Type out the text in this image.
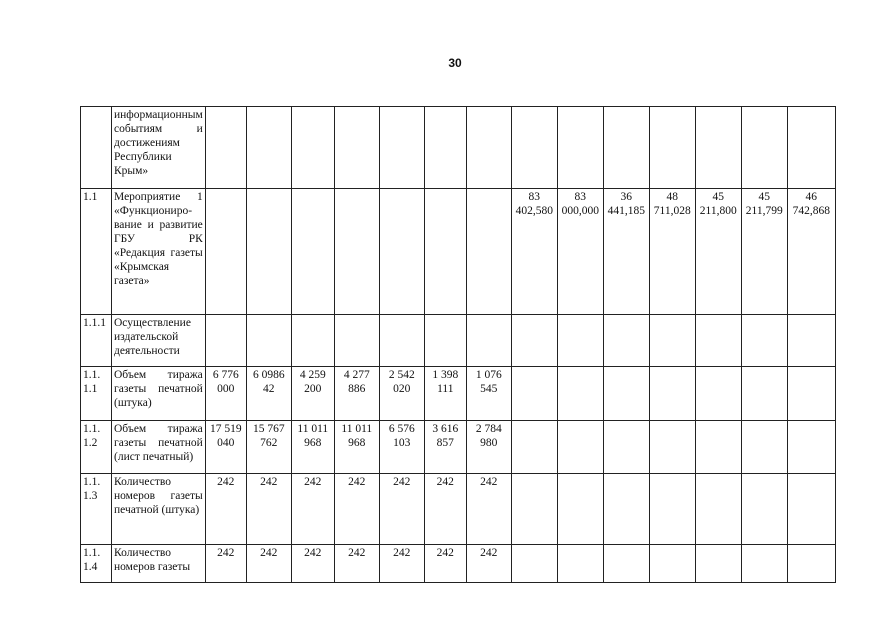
30
	информационным событиям и достижениям Республики Крым»														
1.1	Мероприятие 1 «Функциониро-вание и развитие ГБУ РК «Редакция газеты «Крымская газета»								83 402,580	83 000,000	36 441,185	48 711,028	45 211,800	45 211,799	46 742,868
1.1.1	Осуществление издательской деятельности														
1.1. 1.1	Объем тиража газеты печатной (штука)	6 776 000	6 0986 42	4 259 200	4 277 886	2 542 020	1 398 111	1 076 545							
1.1. 1.2	Объем тиража газеты печатной (лист печатный)	17 519 040	15 767 762	11 011 968	11 011 968	6 576 103	3 616 857	2 784 980							
1.1. 1.3	Количество номеров газеты печатной (штука)	242	242	242	242	242	242	242							
1.1. 1.4	Количество номеров газеты	242	242	242	242	242	242	242							
